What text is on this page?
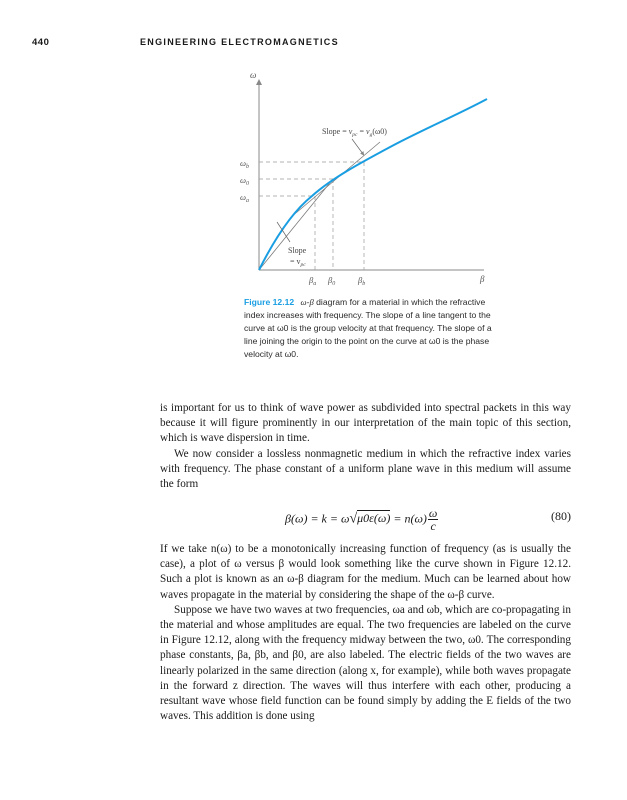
440	ENGINEERING ELECTROMAGNETICS
ω
β
$\omega_b$
$\omega_0$
$\omega_a$
$\beta_a$ $\beta_0$	$\beta_b$
Slope = $v_{pc} = v_g(\omega 0)$
Slope
= $v_{pc}$
Figure 12.12 ω-β diagram for a material in which the refractive index increases with frequency. The slope of a line tangent to the curve at ω0 is the group velocity at that frequency. The slope of a line joining the origin to the point on the curve at ω0 is the phase velocity at ω0.

is important for us to think of wave power as subdivided into spectral packets in this way because it will figure prominently in our interpretation of the main topic of this section, which is wave dispersion in time.

We now consider a lossless nonmagnetic medium in which the refractive index varies with frequency. The phase constant of a uniform plane wave in this medium will assume the form

$\beta(\omega) = k = \omega√\mu 0\varepsilon(\omega) = n(\omega) \frac{\omega}{c}$	(80)

If we take n(ω) to be a monotonically increasing function of frequency (as is usually the case), a plot of ω versus β would look something like the curve shown in Figure 12.12. Such a plot is known as an ω-β diagram for the medium. Much can be learned about how waves propagate in the material by considering the shape of the ω-β curve.

Suppose we have two waves at two frequencies, ωa and ωb, which are co-propagating in the material and whose amplitudes are equal. The two frequencies are labeled on the curve in Figure 12.12, along with the frequency midway between the two, ω0. The corresponding phase constants, βa, βb, and β0, are also labeled. The electric fields of the two waves are linearly polarized in the same direction (along x, for example), while both waves propagate in the forward z direction. The waves will thus interfere with each other, producing a resultant wave whose field function can be found simply by adding the E fields of the two waves. This addition is done using
